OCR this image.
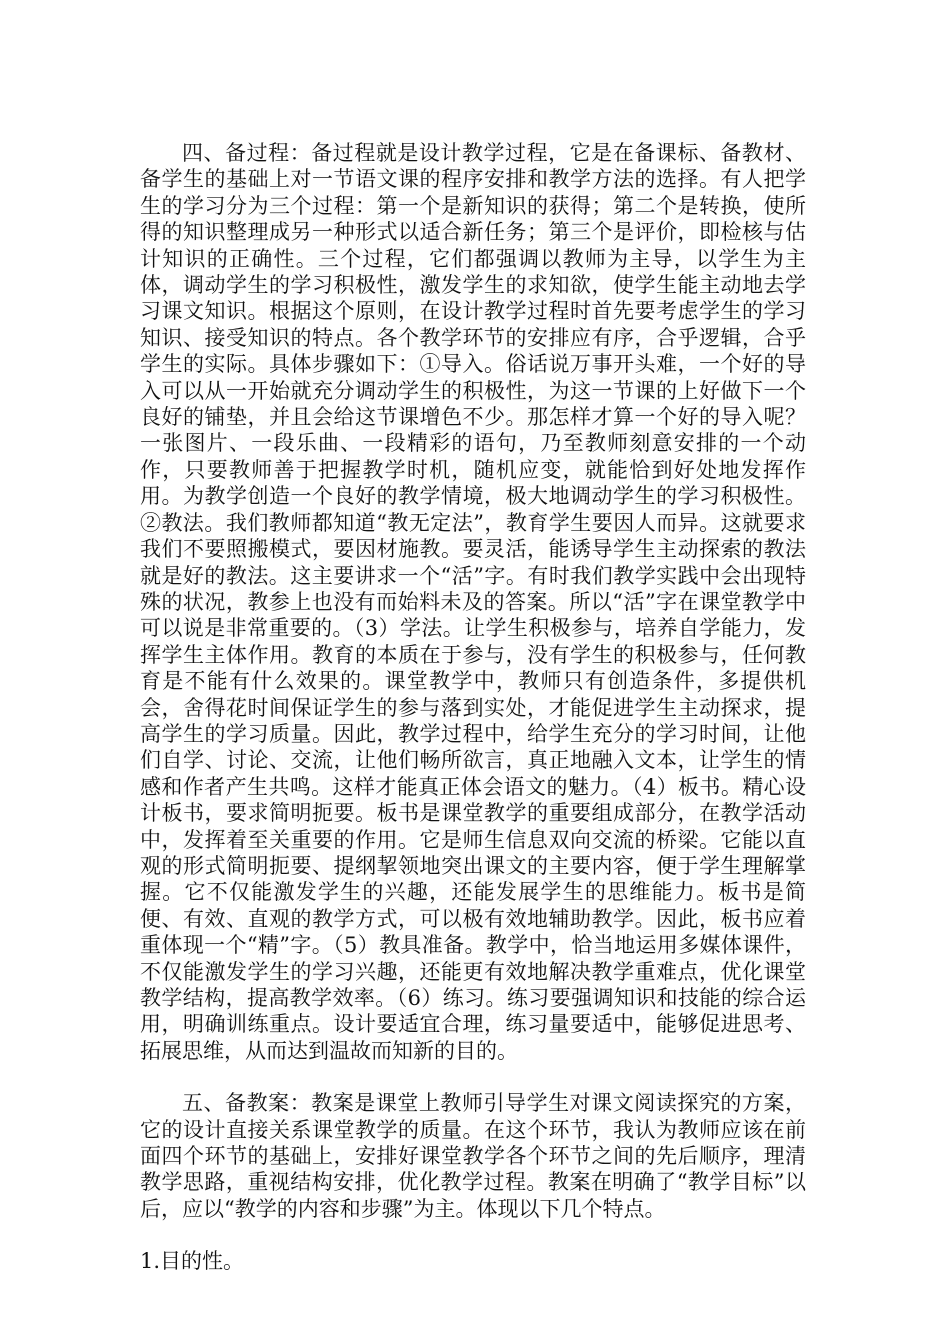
四、备过程：备过程就是设计教学过程，它是在备课标、备教材、备学生的基础上对一节语文课的程序安排和教学方法的选择。有人把学生的学习分为三个过程：第一个是新知识的获得；第二个是转换，使所得的知识整理成另一种形式以适合新任务；第三个是评价，即检核与估计知识的正确性。三个过程，它们都强调以教师为主导，以学生为主体，调动学生的学习积极性，激发学生的求知欲，使学生能主动地去学习课文知识。根据这个原则，在设计教学过程时首先要考虑学生的学习知识、接受知识的特点。各个教学环节的安排应有序，合乎逻辑，合乎学生的实际。具体步骤如下：①导入。俗话说万事开头难，一个好的导入可以从一开始就充分调动学生的积极性，为这一节课的上好做下一个良好的铺垫，并且会给这节课增色不少。那怎样才算一个好的导入呢？一张图片、一段乐曲、一段精彩的语句，乃至教师刻意安排的一个动作，只要教师善于把握教学时机，随机应变，就能恰到好处地发挥作用。为教学创造一个良好的教学情境，极大地调动学生的学习积极性。②教法。我们教师都知道“教无定法”，教育学生要因人而异。这就要求我们不要照搬模式，要因材施教。要灵活，能诱导学生主动探索的教法就是好的教法。这主要讲求一个“活”字。有时我们教学实践中会出现特殊的状况，教参上也没有而始料未及的答案。所以“活”字在课堂教学中可以说是非常重要的。（3）学法。让学生积极参与，培养自学能力，发挥学生主体作用。教育的本质在于参与，没有学生的积极参与，任何教育是不能有什么效果的。课堂教学中，教师只有创造条件，多提供机会，舍得花时间保证学生的参与落到实处，才能促进学生主动探求，提高学生的学习质量。因此，教学过程中，给学生充分的学习时间，让他们自学、讨论、交流，让他们畅所欲言，真正地融入文本，让学生的情感和作者产生共鸣。这样才能真正体会语文的魅力。（4）板书。精心设计板书，要求简明扼要。板书是课堂教学的重要组成部分，在教学活动中，发挥着至关重要的作用。它是师生信息双向交流的桥梁。它能以直观的形式简明扼要、提纲挈领地突出课文的主要内容，便于学生理解掌握。它不仅能激发学生的兴趣，还能发展学生的思维能力。板书是简便、有效、直观的教学方式，可以极有效地辅助教学。因此，板书应着重体现一个“精”字。（5）教具准备。教学中，恰当地运用多媒体课件，不仅能激发学生的学习兴趣，还能更有效地解决教学重难点，优化课堂教学结构，提高教学效率。（6）练习。练习要强调知识和技能的综合运用，明确训练重点。设计要适宜合理，练习量要适中，能够促进思考、拓展思维，从而达到温故而知新的目的。

五、备教案：教案是课堂上教师引导学生对课文阅读探究的方案，它的设计直接关系课堂教学的质量。在这个环节，我认为教师应该在前面四个环节的基础上，安排好课堂教学各个环节之间的先后顺序，理清教学思路，重视结构安排，优化教学过程。教案在明确了“教学目标”以后，应以“教学的内容和步骤”为主。体现以下几个特点。

1.目的性。
